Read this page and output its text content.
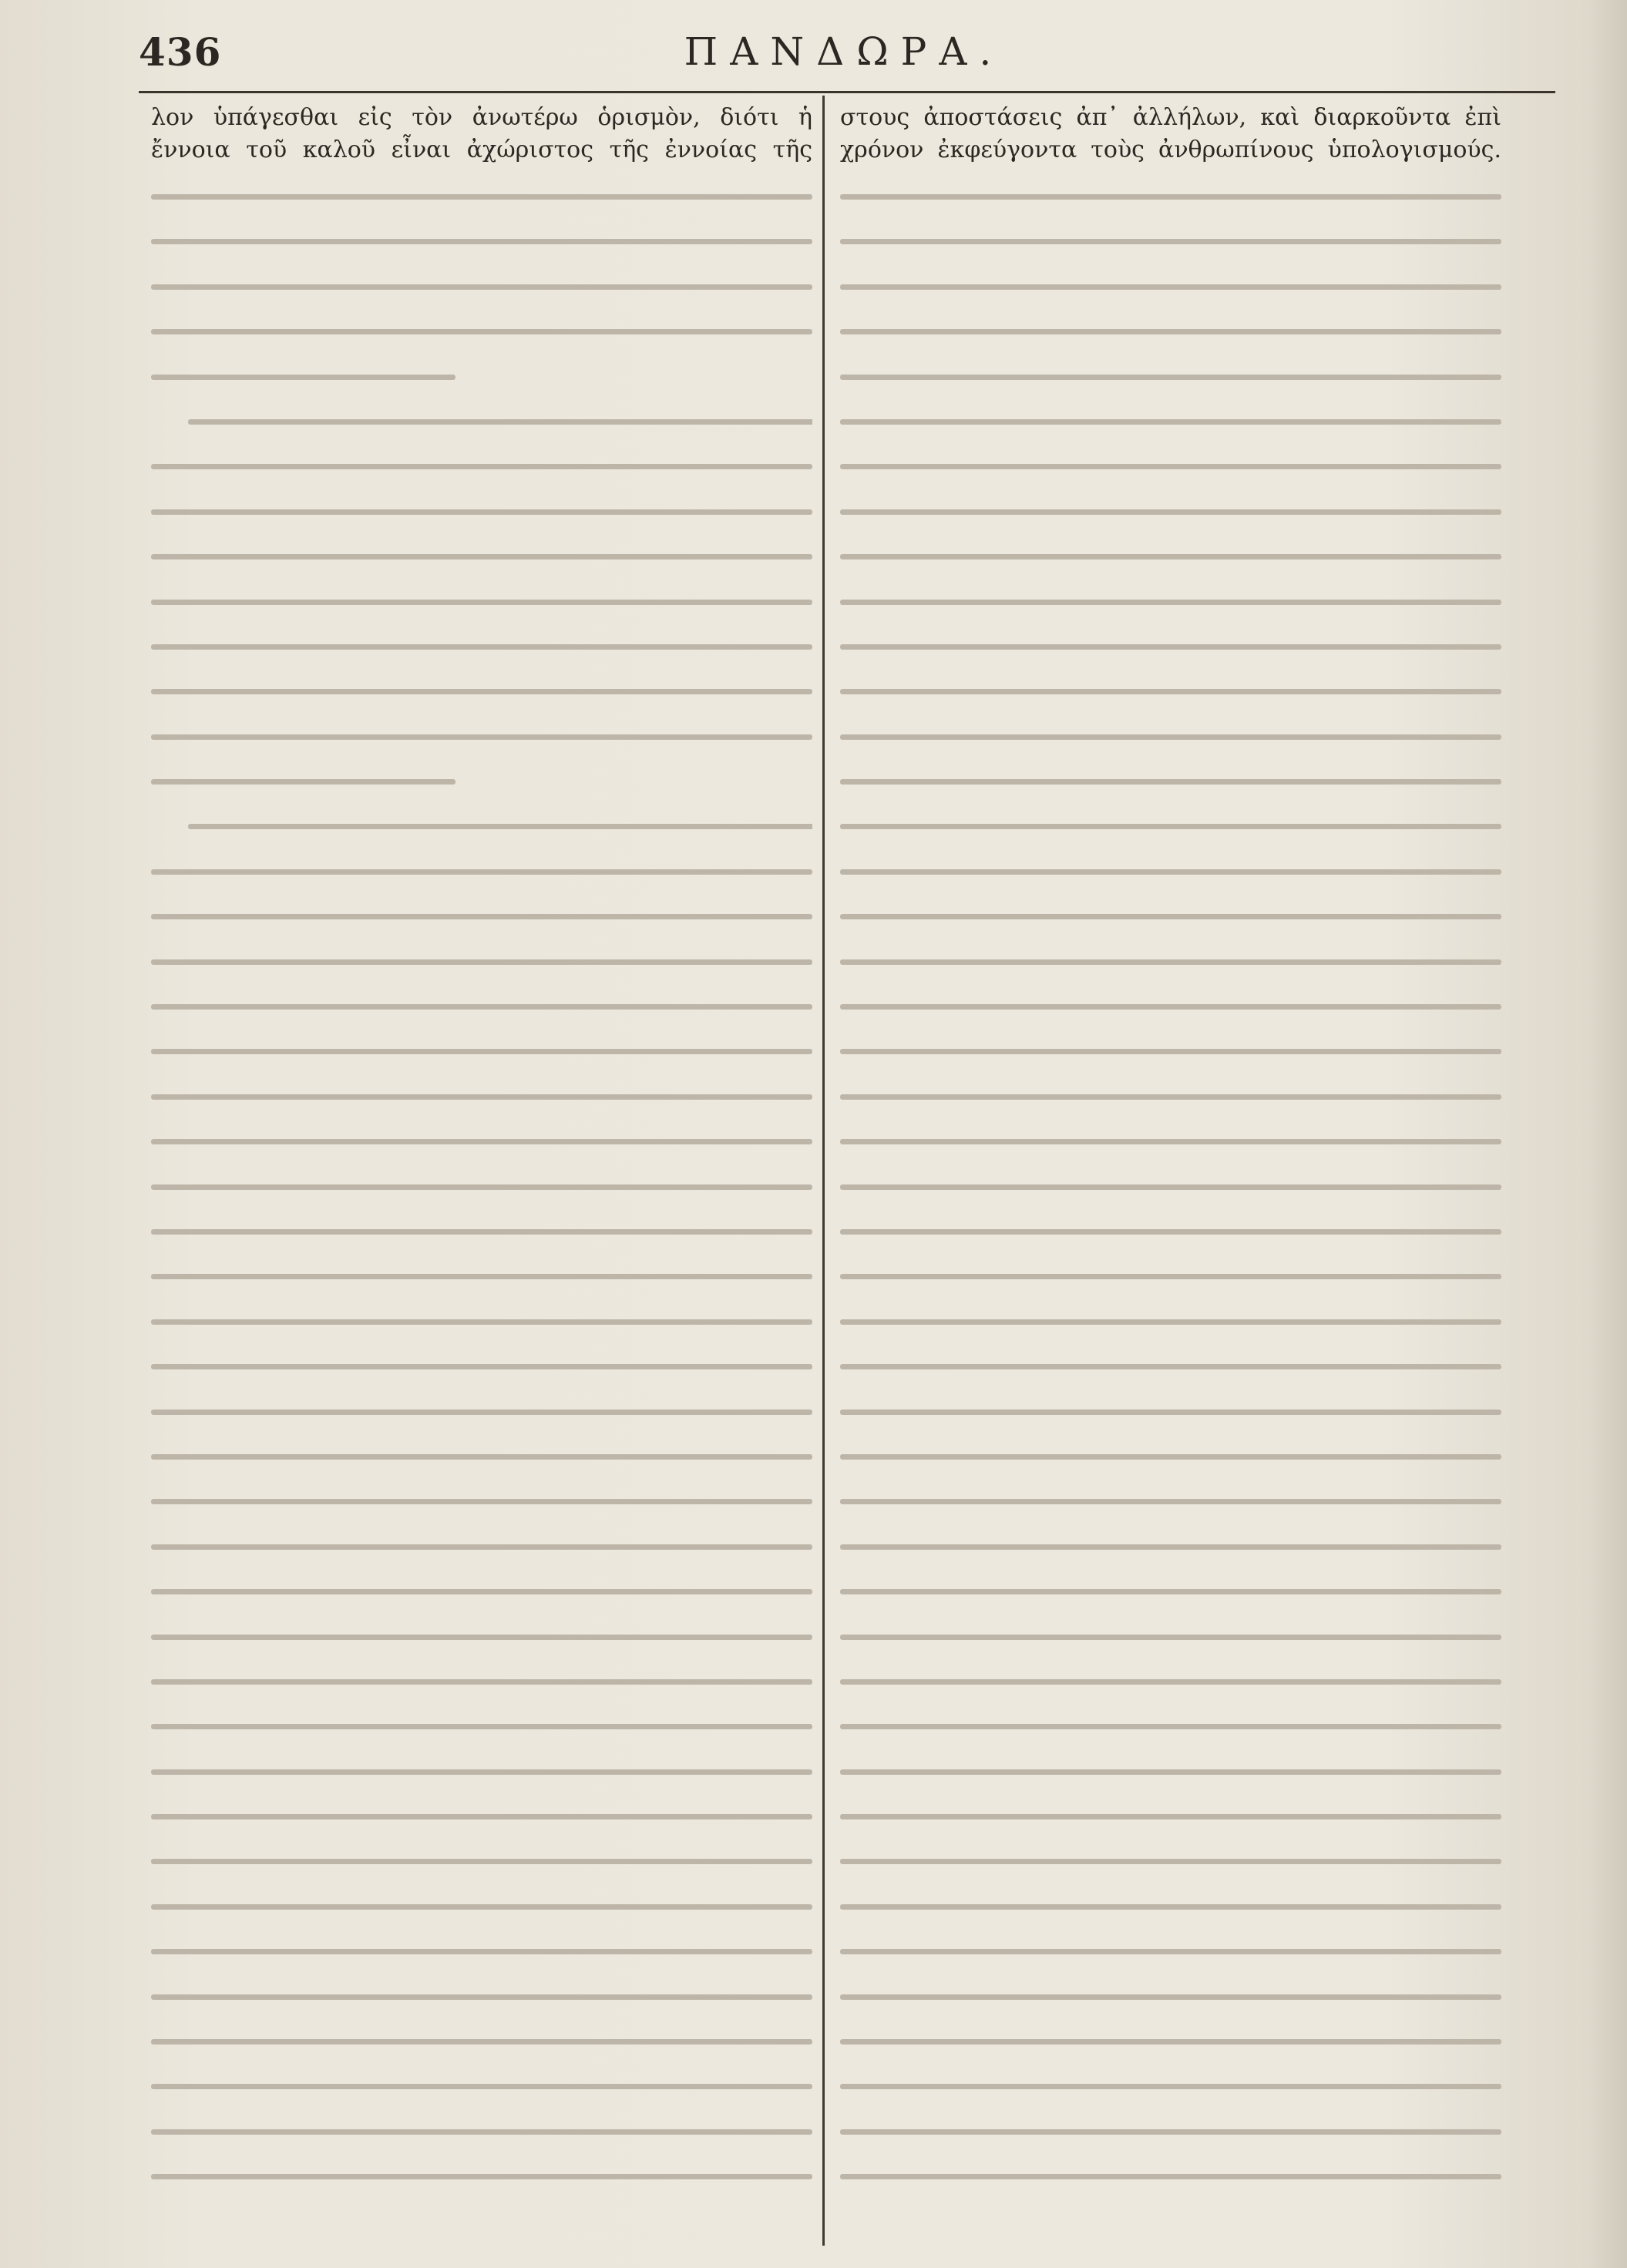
436	ΠΑΝΔΩΡΑ.
λον ὑπάγεσθαι εἰς τὸν ἀνωτέρω ὁρισμὸν, διότι ἡ
ἔννοια τοῦ καλοῦ εἶναι ἀχώριστος τῆς ἐννοίας τῆς
στους ἀποστάσεις ἀπ᾽ ἀλλήλων, καὶ διαρκοῦντα ἐπὶ
χρόνον ἐκφεύγοντα τοὺς ἀνθρωπίνους ὑπολογισμούς.
